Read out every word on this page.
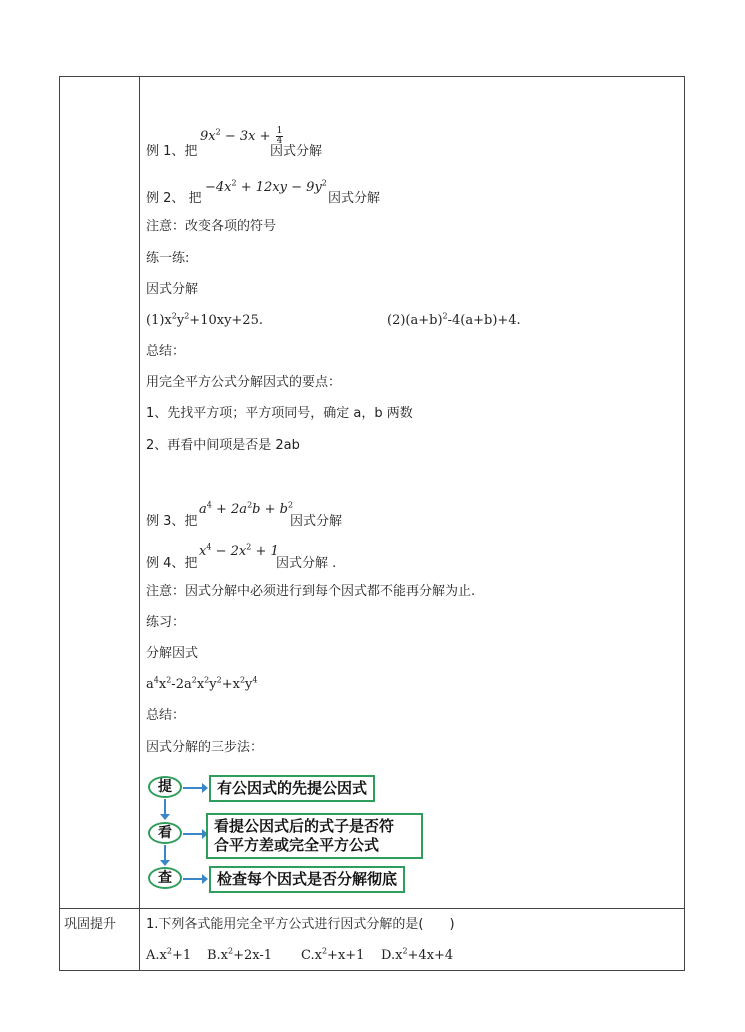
例 1、把
$9x^2 - 3x + \frac{1}{4}$
因式分解
例 2、 把
$-4x^2 + 12xy - 9y^2$
因式分解
注意：改变各项的符号
练一练:
因式分解
$(1)x^2y^2+10xy+25$.	$(2)(a+b)^2-4(a+b)+4$.
总结：
用完全平方公式分解因式的要点：
1、先找平方项；平方项同号，确定 a，b 两数
2、再看中间项是否是 2ab
例 3、把
$a^4 + 2a^2b + b^2$
因式分解
例 4、把
$x^4 - 2x^2 + 1$
因式分解 .
注意：因式分解中必须进行到每个因式都不能再分解为止.
练习：
分解因式
$a^4x^2-2a^2x^2y^2+x^2y^4$
总结：
因式分解的三步法：
提	有公因式的先提公因式
看	看提公因式后的式子是否符
合平方差或完全平方公式
查	检查每个因式是否分解彻底
巩固提升 1.下列各式能用完全平方公式进行因式分解的是(　　)
$A.x^2+1$ $B.x^2+2x-1$ $C.x^2+x+1$ $D.x^2+4x+4$
